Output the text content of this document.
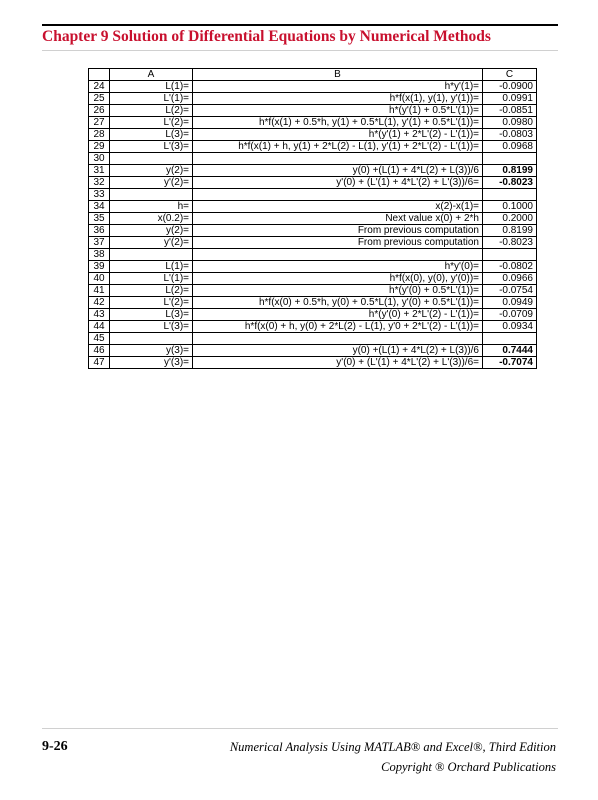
Chapter 9 Solution of Differential Equations by Numerical Methods
	A	B	C
24	L(1)=	h*y'(1)=	-0.0900
25	L'(1)=	h*f(x(1), y(1), y'(1))=	0.0991
26	L(2)=	h*(y'(1) + 0.5*L'(1))=	-0.0851
27	L'(2)=	h*f(x(1) + 0.5*h, y(1) + 0.5*L(1), y'(1) + 0.5*L'(1))=	0.0980
28	L(3)=	h*(y'(1) + 2*L'(2) - L'(1))=	-0.0803
29	L'(3)=	h*f(x(1) + h, y(1) + 2*L(2) - L(1), y'(1) + 2*L'(2) - L'(1))=	0.0968
30			
31	y(2)=	y(0) +(L(1) + 4*L(2) + L(3))/6	0.8199
32	y'(2)=	y'(0) + (L'(1) + 4*L'(2) + L'(3))/6=	-0.8023
33			
34	h=	x(2)-x(1)=	0.1000
35	x(0.2)=	Next value x(0) + 2*h	0.2000
36	y(2)=	From previous computation	0.8199
37	y'(2)=	From previous computation	-0.8023
38			
39	L(1)=	h*y'(0)=	-0.0802
40	L'(1)=	h*f(x(0), y(0), y'(0))=	0.0966
41	L(2)=	h*(y'(0) + 0.5*L'(1))=	-0.0754
42	L'(2)=	h*f(x(0) + 0.5*h, y(0) + 0.5*L(1), y'(0) + 0.5*L'(1))=	0.0949
43	L(3)=	h*(y'(0) + 2*L'(2) - L'(1))=	-0.0709
44	L'(3)=	h*f(x(0) + h, y(0) + 2*L(2) - L(1), y'0 + 2*L'(2) - L'(1))=	0.0934
45			
46	y(3)=	y(0) +(L(1) + 4*L(2) + L(3))/6	0.7444
47	y'(3)=	y'(0) + (L'(1) + 4*L'(2) + L'(3))/6=	-0.7074
9-26	Numerical Analysis Using MATLAB® and Excel®, Third Edition
Copyright ® Orchard Publications
